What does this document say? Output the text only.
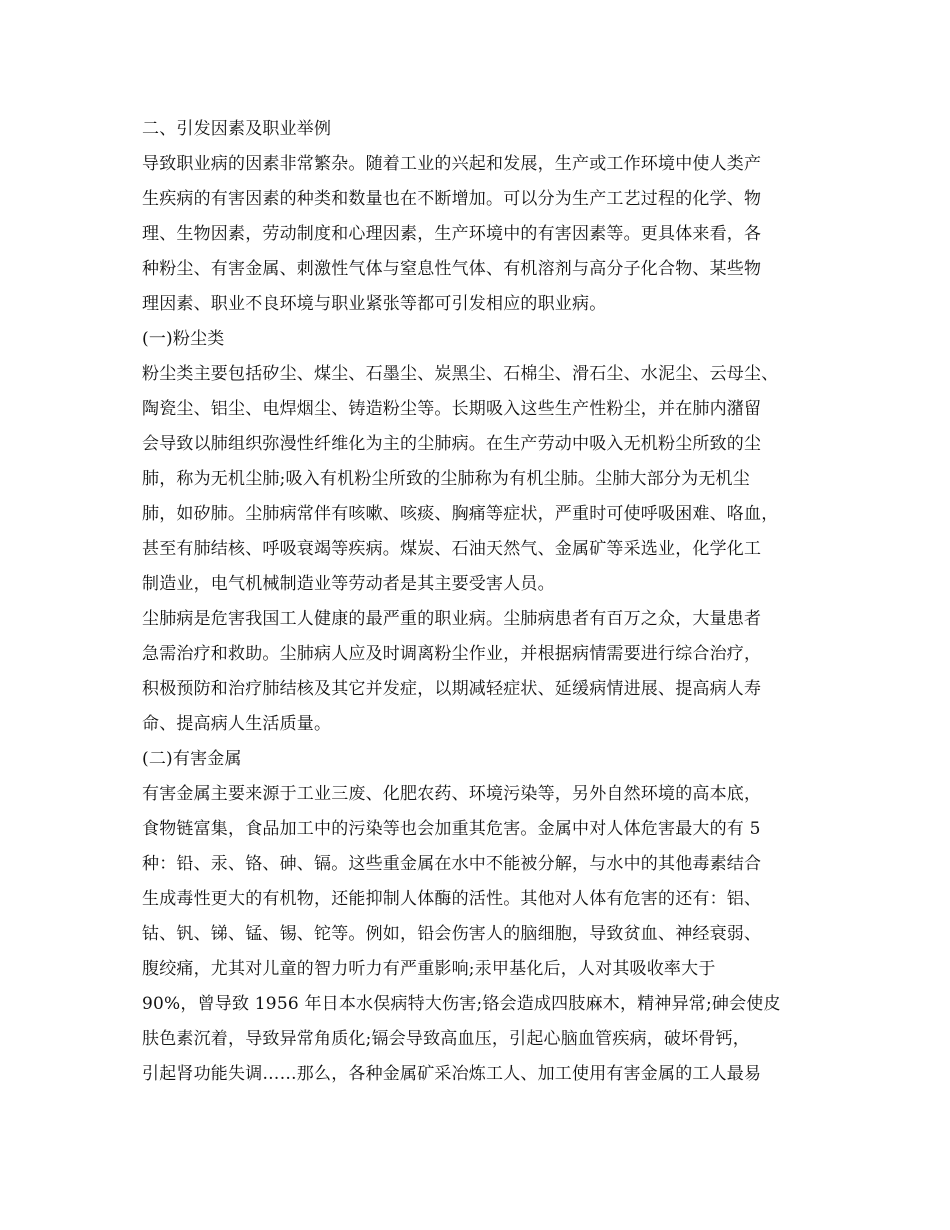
二、引发因素及职业举例
导致职业病的因素非常繁杂。随着工业的兴起和发展，生产或工作环境中使人类产
生疾病的有害因素的种类和数量也在不断增加。可以分为生产工艺过程的化学、物
理、生物因素，劳动制度和心理因素，生产环境中的有害因素等。更具体来看，各
种粉尘、有害金属、刺激性气体与窒息性气体、有机溶剂与高分子化合物、某些物
理因素、职业不良环境与职业紧张等都可引发相应的职业病。
(一)粉尘类
粉尘类主要包括矽尘、煤尘、石墨尘、炭黑尘、石棉尘、滑石尘、水泥尘、云母尘、
陶瓷尘、铝尘、电焊烟尘、铸造粉尘等。长期吸入这些生产性粉尘，并在肺内潴留
会导致以肺组织弥漫性纤维化为主的尘肺病。在生产劳动中吸入无机粉尘所致的尘
肺，称为无机尘肺;吸入有机粉尘所致的尘肺称为有机尘肺。尘肺大部分为无机尘
肺，如矽肺。尘肺病常伴有咳嗽、咳痰、胸痛等症状，严重时可使呼吸困难、咯血，
甚至有肺结核、呼吸衰竭等疾病。煤炭、石油天然气、金属矿等采选业，化学化工
制造业，电气机械制造业等劳动者是其主要受害人员。
尘肺病是危害我国工人健康的最严重的职业病。尘肺病患者有百万之众，大量患者
急需治疗和救助。尘肺病人应及时调离粉尘作业，并根据病情需要进行综合治疗，
积极预防和治疗肺结核及其它并发症，以期减轻症状、延缓病情进展、提高病人寿
命、提高病人生活质量。
(二)有害金属
有害金属主要来源于工业三废、化肥农药、环境污染等，另外自然环境的高本底，
食物链富集，食品加工中的污染等也会加重其危害。金属中对人体危害最大的有 5
种：铅、汞、铬、砷、镉。这些重金属在水中不能被分解，与水中的其他毒素结合
生成毒性更大的有机物，还能抑制人体酶的活性。其他对人体有危害的还有：铝、
钴、钒、锑、锰、锡、铊等。例如，铅会伤害人的脑细胞，导致贫血、神经衰弱、
腹绞痛，尤其对儿童的智力听力有严重影响;汞甲基化后，人对其吸收率大于
90%，曾导致 1956 年日本水俣病特大伤害;铬会造成四肢麻木，精神异常;砷会使皮
肤色素沉着，导致异常角质化;镉会导致高血压，引起心脑血管疾病，破坏骨钙，
引起肾功能失调……那么，各种金属矿采冶炼工人、加工使用有害金属的工人最易
